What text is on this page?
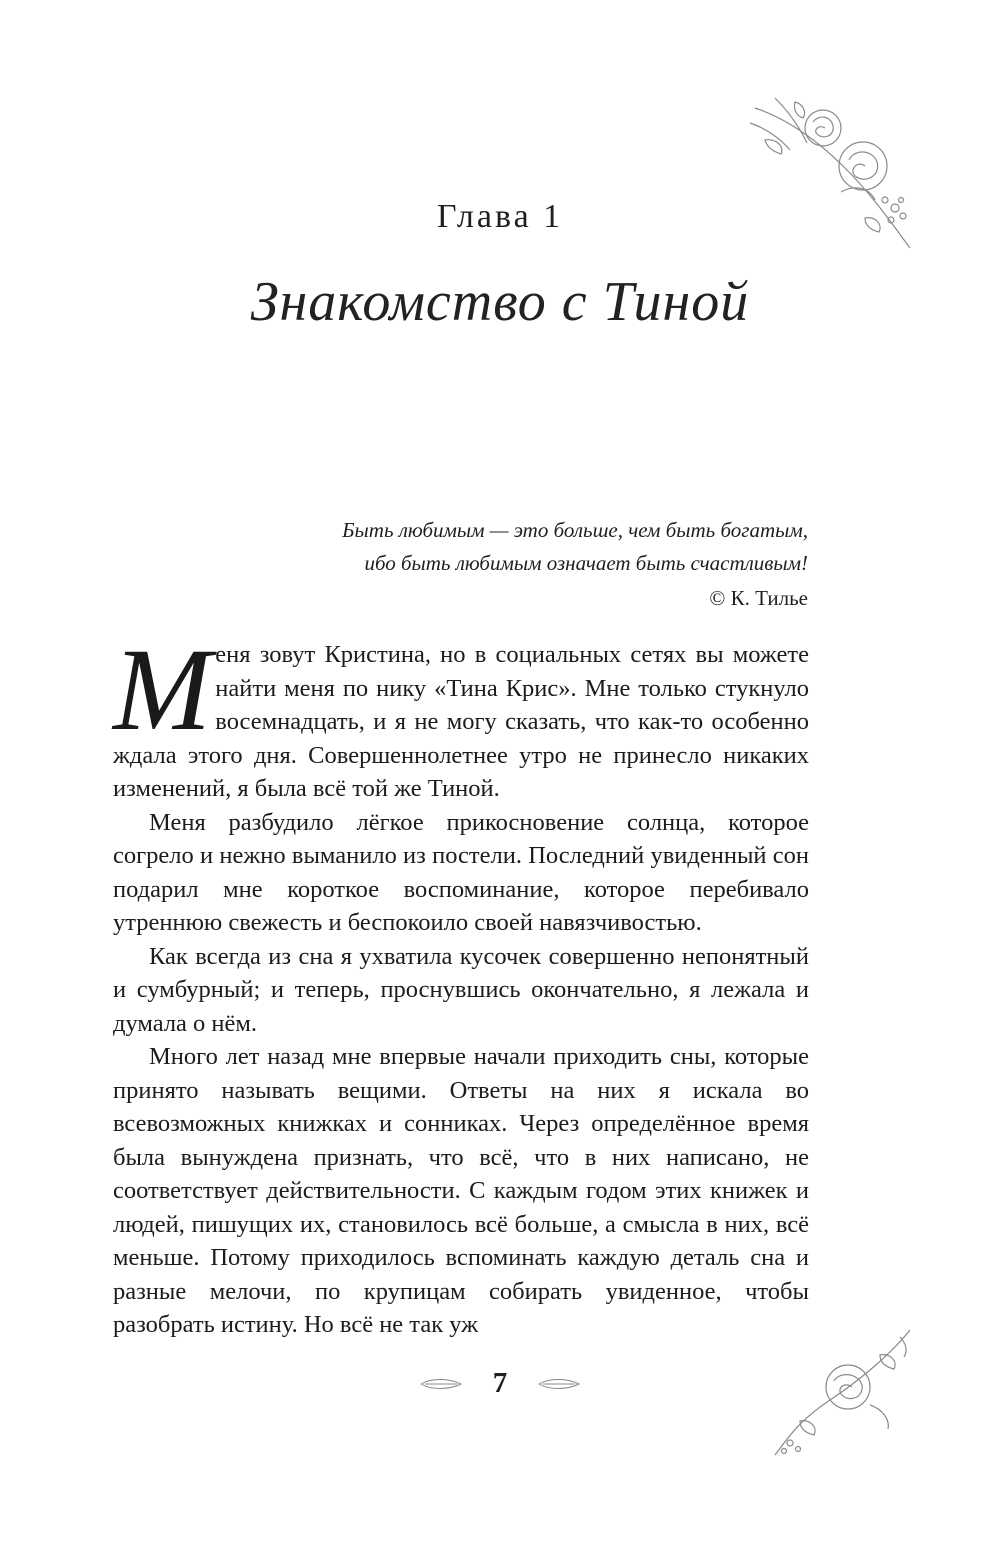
Глава 1
Знакомство с Тиной
Быть любимым — это больше, чем быть богатым,
ибо быть любимым означает быть счастливым!
© К. Тилье

Меня зовут Кристина, но в социальных сетях вы можете найти меня по нику «Тина Крис». Мне только стукнуло восемнадцать, и я не могу сказать, что как-то особенно ждала этого дня. Совершеннолетнее утро не принесло никаких изменений, я была всё той же Тиной.

Меня разбудило лёгкое прикосновение солнца, которое согрело и нежно выманило из постели. Последний увиденный сон подарил мне короткое воспоминание, которое перебивало утреннюю свежесть и беспокоило своей навязчивостью.

Как всегда из сна я ухватила кусочек совершенно непонятный и сумбурный; и теперь, проснувшись окончательно, я лежала и думала о нём.

Много лет назад мне впервые начали приходить сны, которые принято называть вещими. Ответы на них я искала во всевозможных книжках и сонниках. Через определённое время была вынуждена признать, что всё, что в них написано, не соответствует действительности. С каждым годом этих книжек и людей, пишущих их, становилось всё больше, а смысла в них, всё меньше. Потому приходилось вспоминать каждую деталь сна и разные мелочи, по крупицам собирать увиденное, чтобы разобрать истину. Но всё не так уж

7
